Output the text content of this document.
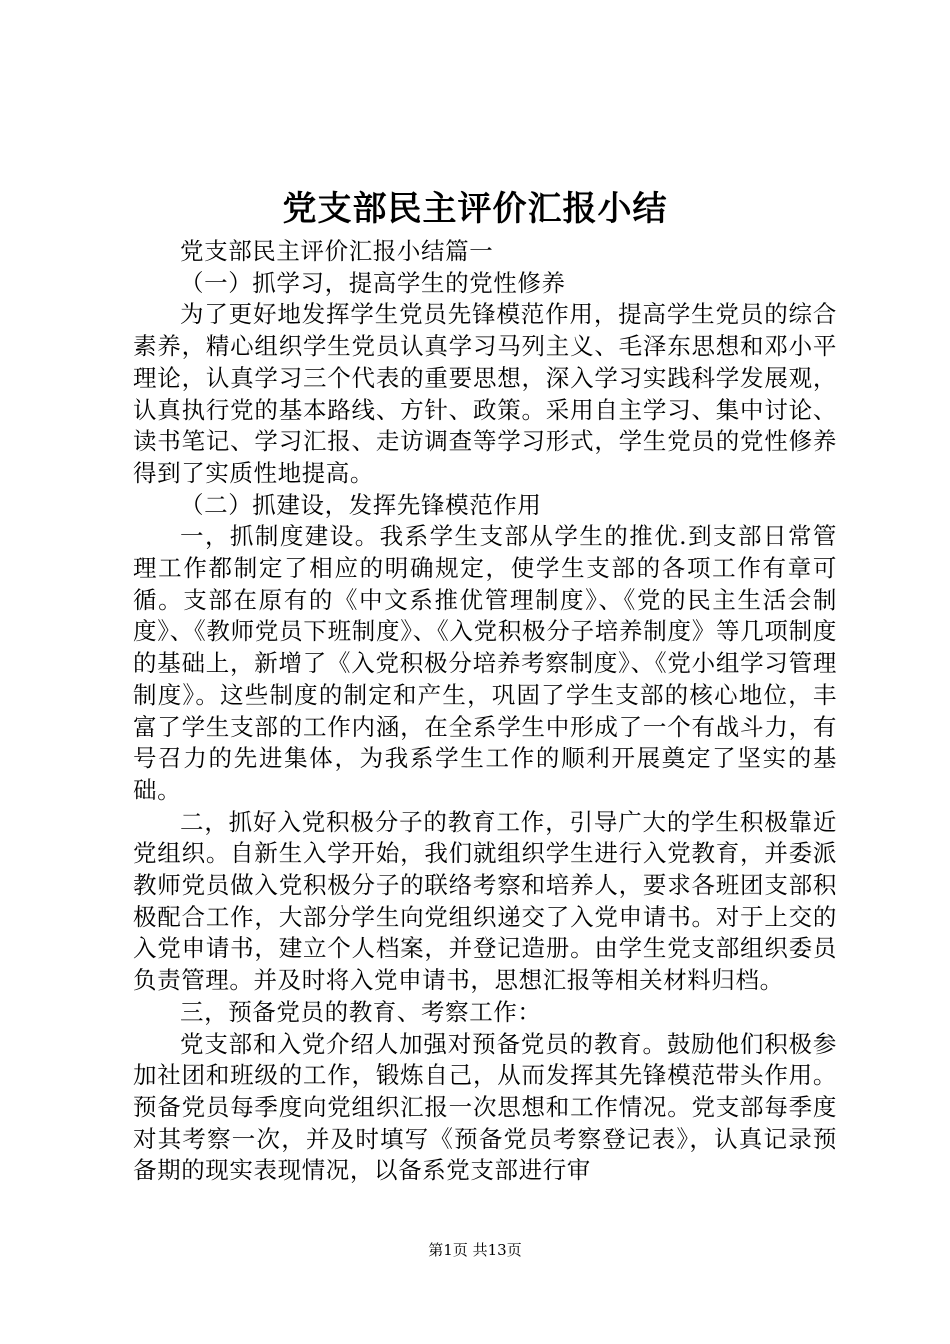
党支部民主评价汇报小结

党支部民主评价汇报小结篇一

（一）抓学习，提高学生的党性修养

为了更好地发挥学生党员先锋模范作用，提高学生党员的综合素养，精心组织学生党员认真学习马列主义、毛泽东思想和邓小平理论，认真学习三个代表的重要思想，深入学习实践科学发展观，认真执行党的基本路线、方针、政策。采用自主学习、集中讨论、读书笔记、学习汇报、走访调查等学习形式，学生党员的党性修养得到了实质性地提高。

（二）抓建设，发挥先锋模范作用

一，抓制度建设。我系学生支部从学生的推优.到支部日常管理工作都制定了相应的明确规定，使学生支部的各项工作有章可循。支部在原有的《中文系推优管理制度》、《党的民主生活会制度》、《教师党员下班制度》、《入党积极分子培养制度》等几项制度的基础上，新增了《入党积极分培养考察制度》、《党小组学习管理制度》。这些制度的制定和产生，巩固了学生支部的核心地位，丰富了学生支部的工作内涵，在全系学生中形成了一个有战斗力，有号召力的先进集体，为我系学生工作的顺利开展奠定了坚实的基础。

二，抓好入党积极分子的教育工作，引导广大的学生积极靠近党组织。自新生入学开始，我们就组织学生进行入党教育，并委派教师党员做入党积极分子的联络考察和培养人，要求各班团支部积极配合工作，大部分学生向党组织递交了入党申请书。对于上交的入党申请书，建立个人档案，并登记造册。由学生党支部组织委员负责管理。并及时将入党申请书，思想汇报等相关材料归档。

三，预备党员的教育、考察工作：

党支部和入党介绍人加强对预备党员的教育。鼓励他们积极参加社团和班级的工作，锻炼自己，从而发挥其先锋模范带头作用。预备党员每季度向党组织汇报一次思想和工作情况。党支部每季度对其考察一次，并及时填写《预备党员考察登记表》，认真记录预备期的现实表现情况，以备系党支部进行审

第1页 共13页
